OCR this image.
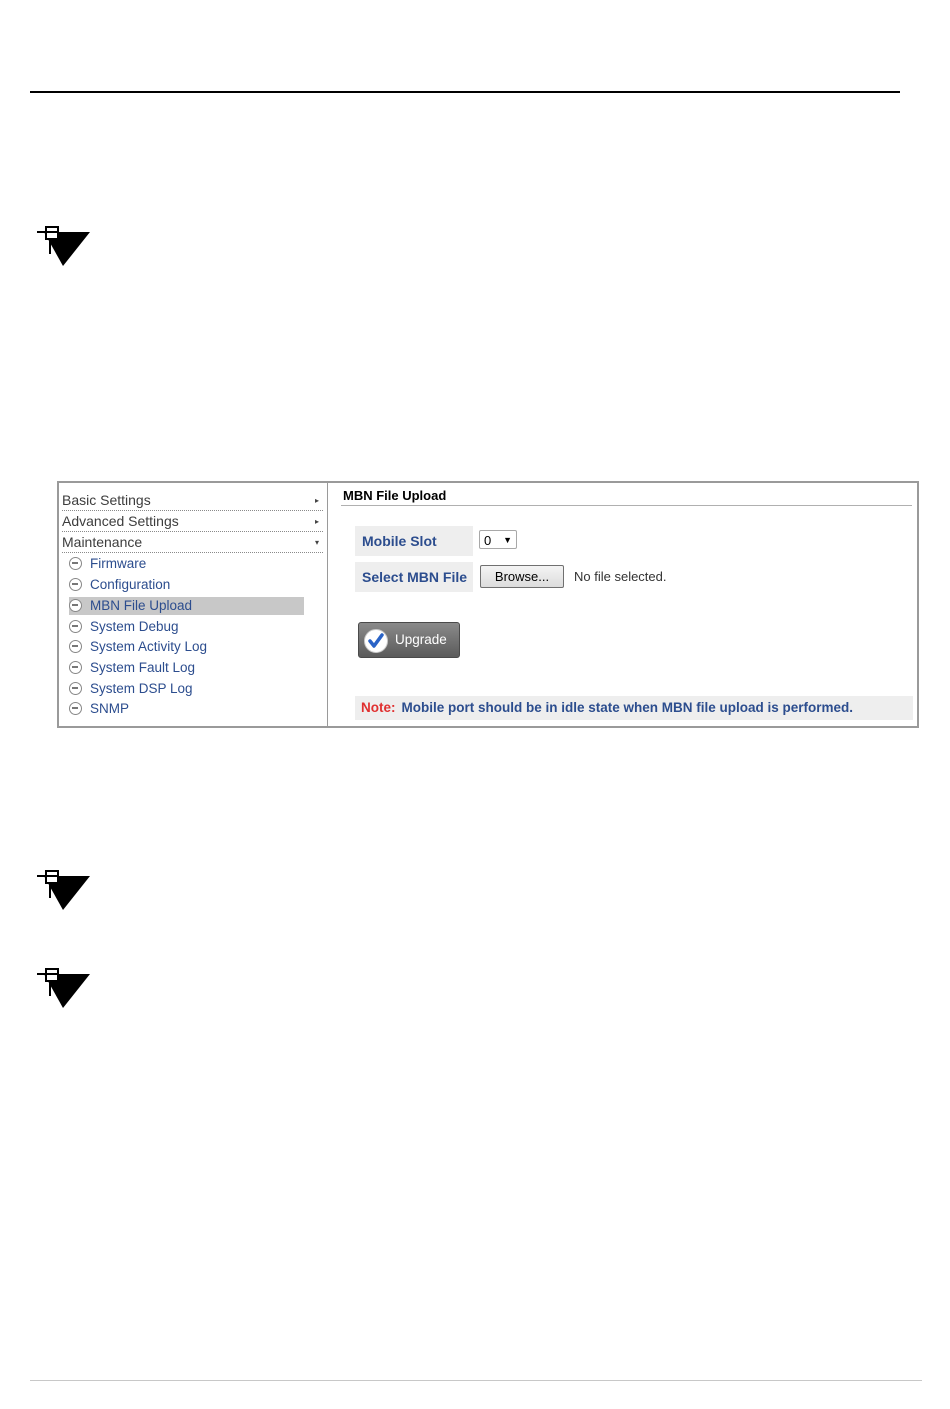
Basic Settings	▸
Advanced Settings	▸
Maintenance	▾
Firmware
Configuration
MBN File Upload
System Debug
System Activity Log
System Fault Log
System DSP Log
SNMP
MBN File Upload
Mobile Slot	0 ▼
Select MBN File	Browse...	No file selected.
Upgrade
Note: Mobile port should be in idle state when MBN file upload is performed.
